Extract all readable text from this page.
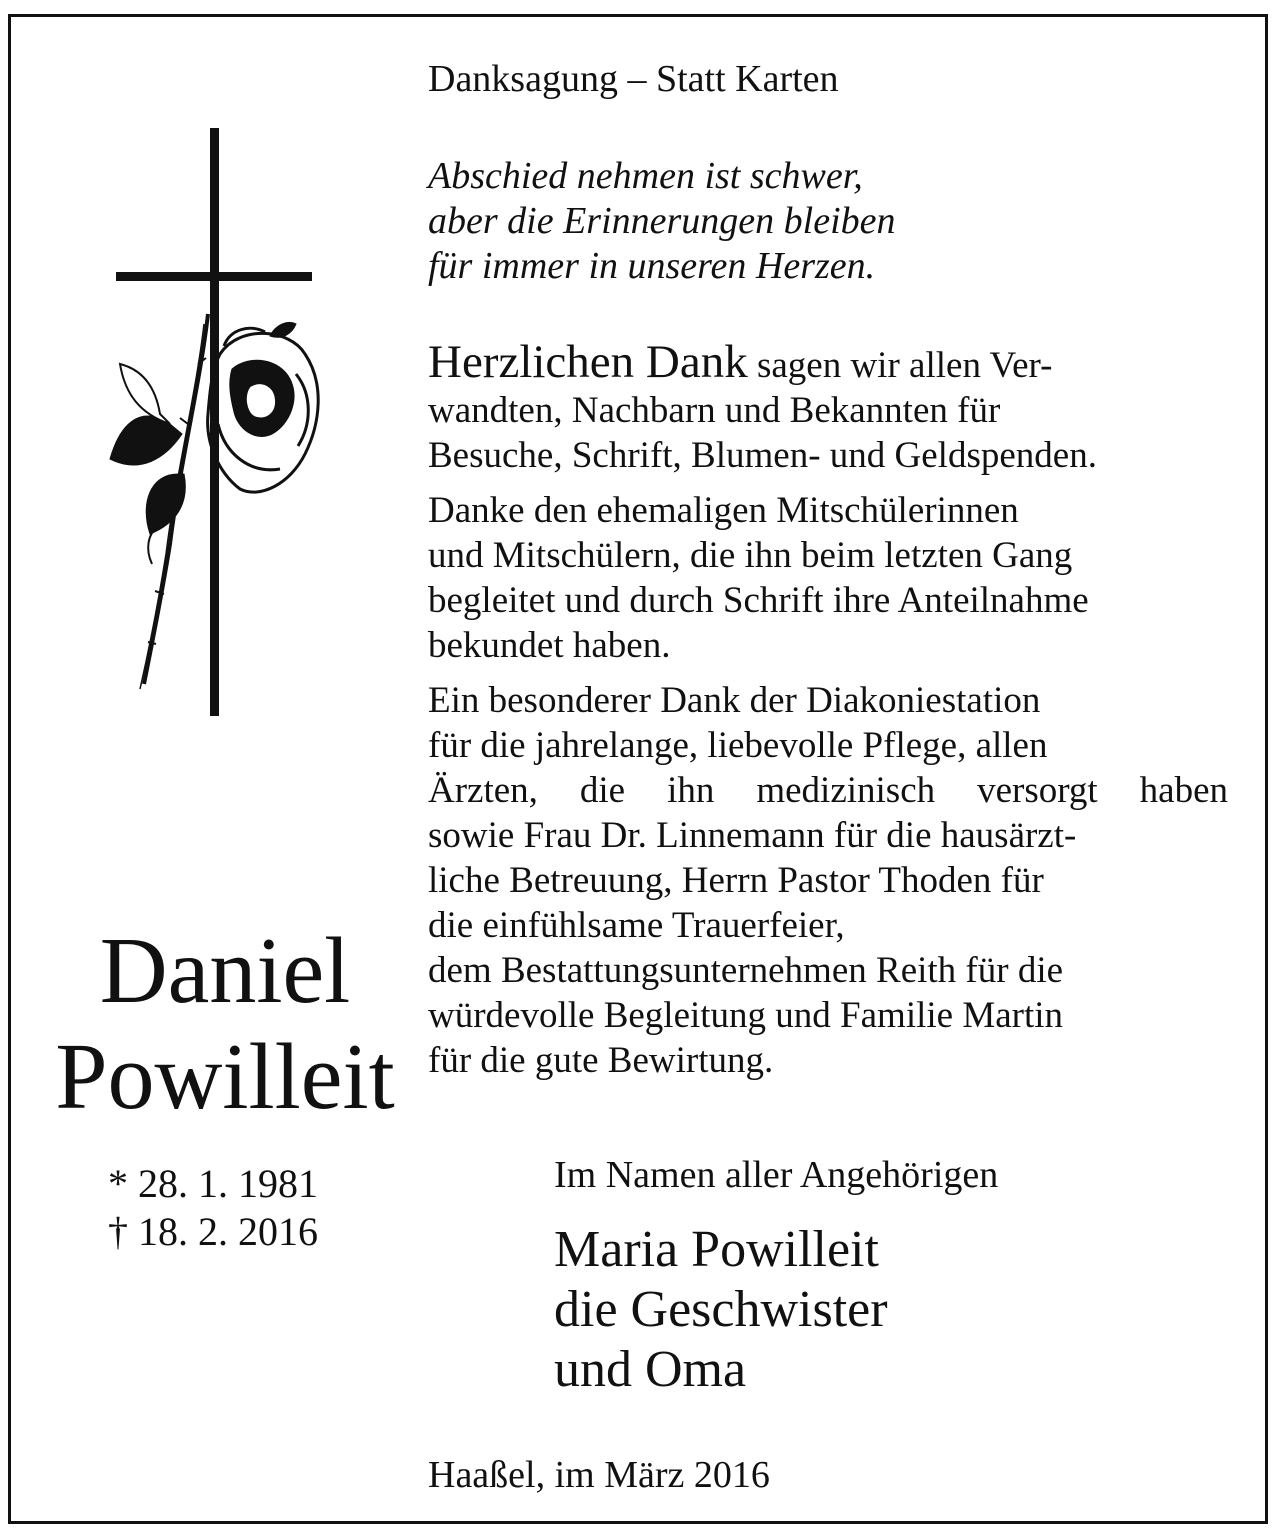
Danksagung – Statt Karten
Abschied nehmen ist schwer,
aber die Erinnerungen bleiben
für immer in unseren Herzen.
Herzlichen Dank sagen wir allen Ver-
wandten, Nachbarn und Bekannten für
Besuche, Schrift, Blumen- und Geldspenden.
Danke den ehemaligen Mitschülerinnen
und Mitschülern, die ihn beim letzten Gang
begleitet und durch Schrift ihre Anteilnahme
bekundet haben.
Ein besonderer Dank der Diakoniestation
für die jahrelange, liebevolle Pflege, allen
Ärzten, die ihn medizinisch versorgt haben
sowie Frau Dr. Linnemann für die hausärzt-
liche Betreuung, Herrn Pastor Thoden für
die einfühlsame Trauerfeier,
dem Bestattungsunternehmen Reith für die
würdevolle Begleitung und Familie Martin
für die gute Bewirtung.
Daniel
Powilleit
* 28. 1. 1981
† 18. 2. 2016
Im Namen aller Angehörigen
Maria Powilleit
die Geschwister
und Oma
Haaßel, im März 2016
